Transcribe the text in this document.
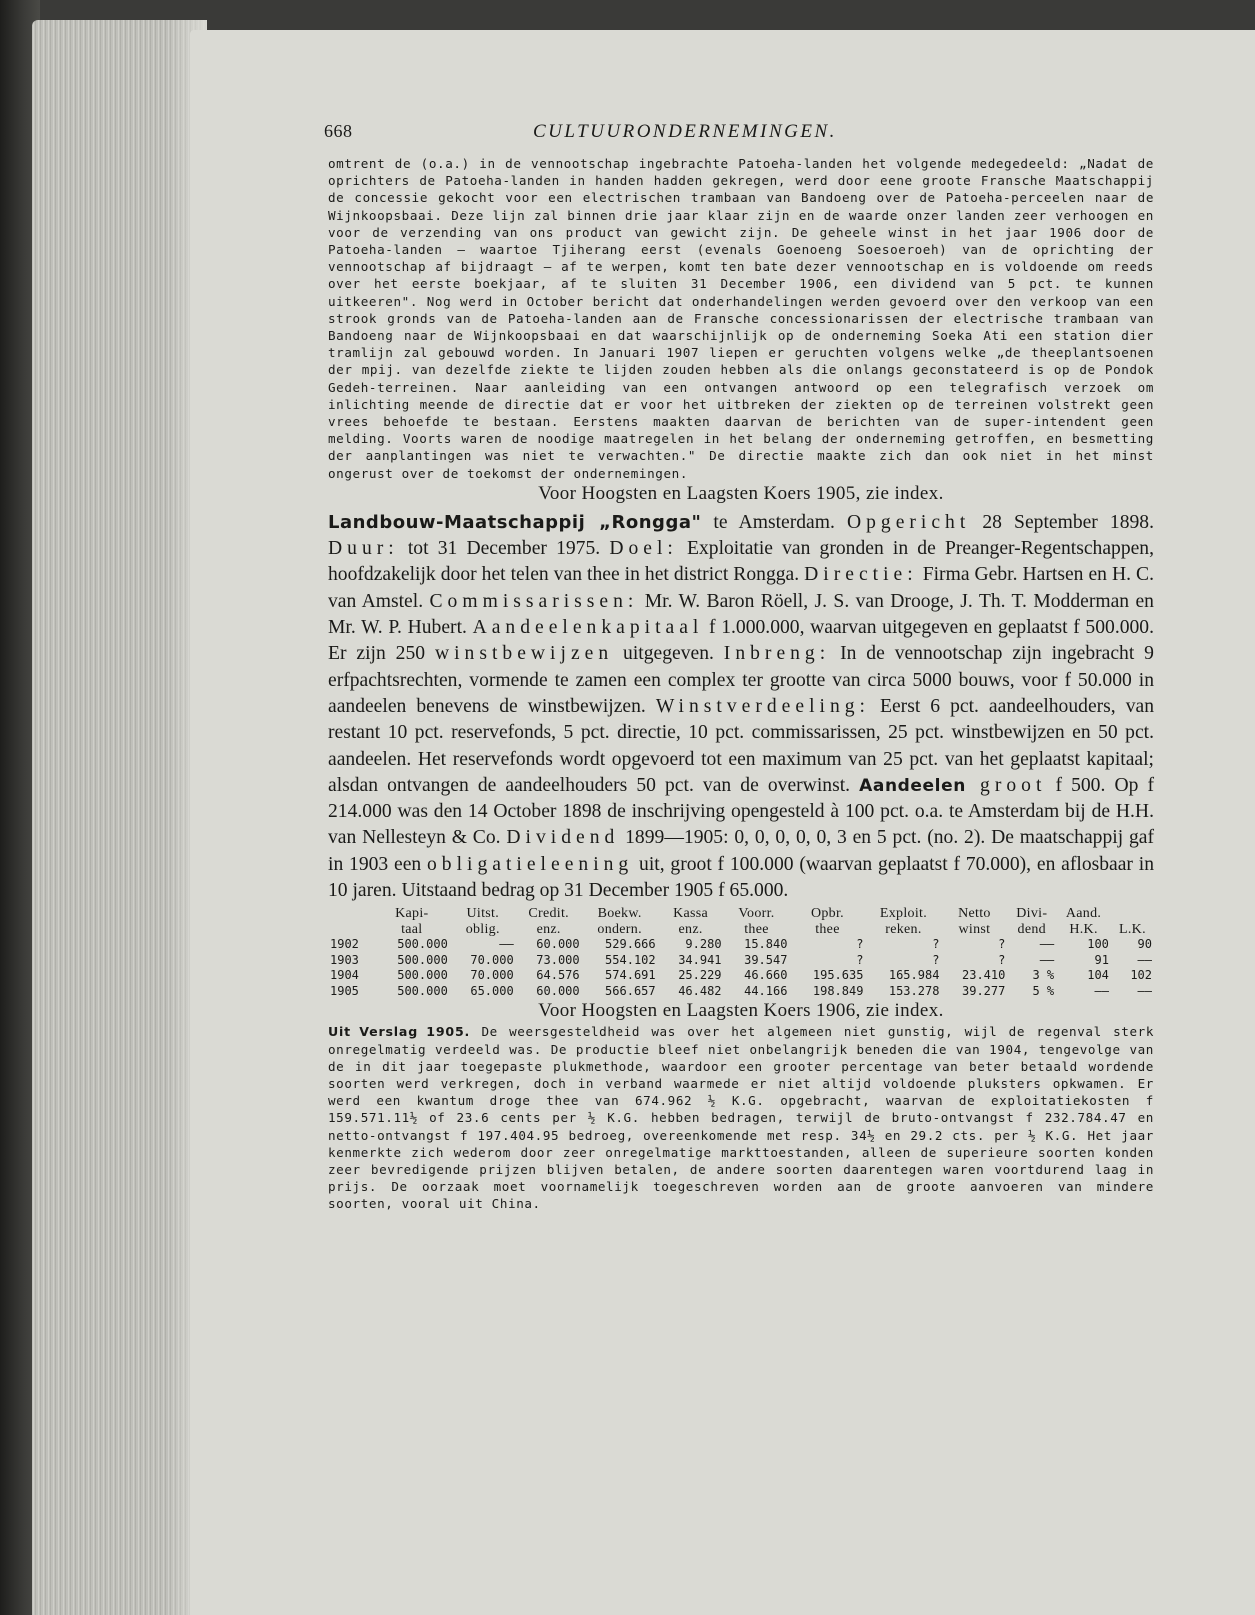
668	CULTUURONDERNEMINGEN.

omtrent de (o.a.) in de vennootschap ingebrachte Patoeha-landen het volgende medegedeeld: „Nadat de oprichters de Patoeha-landen in handen hadden gekregen, werd door eene groote Fransche Maatschappij de concessie gekocht voor een electrischen trambaan van Bandoeng over de Patoeha-perceelen naar de Wijnkoopsbaai. Deze lijn zal binnen drie jaar klaar zijn en de waarde onzer landen zeer verhoogen en voor de verzending van ons product van gewicht zijn. De geheele winst in het jaar 1906 door de Patoeha-landen — waartoe Tjiherang eerst (evenals Goenoeng Soesoeroeh) van de oprichting der vennootschap af bijdraagt — af te werpen, komt ten bate dezer vennootschap en is voldoende om reeds over het eerste boekjaar, af te sluiten 31 December 1906, een dividend van 5 pct. te kunnen uitkeeren". Nog werd in October bericht dat onderhandelingen werden gevoerd over den verkoop van een strook gronds van de Patoeha-landen aan de Fransche concessionarissen der electrische trambaan van Bandoeng naar de Wijnkoopsbaai en dat waarschijnlijk op de onderneming Soeka Ati een station dier tramlijn zal gebouwd worden. In Januari 1907 liepen er geruchten volgens welke „de theeplantsoenen der mpij. van dezelfde ziekte te lijden zouden hebben als die onlangs geconstateerd is op de Pondok Gedeh-terreinen. Naar aanleiding van een ontvangen antwoord op een telegrafisch verzoek om inlichting meende de directie dat er voor het uitbreken der ziekten op de terreinen volstrekt geen vrees behoefde te bestaan. Eerstens maakten daarvan de berichten van de super-intendent geen melding. Voorts waren de noodige maatregelen in het belang der onderneming getroffen, en besmetting der aanplantingen was niet te verwachten." De directie maakte zich dan ook niet in het minst ongerust over de toekomst der ondernemingen.

Voor Hoogsten en Laagsten Koers 1905, zie index.

Landbouw-Maatschappij „Rongga" te Amsterdam. Opgericht 28 September 1898. Duur: tot 31 December 1975. Doel: Exploitatie van gronden in de Preanger-Regentschappen, hoofdzakelijk door het telen van thee in het district Rongga. Directie: Firma Gebr. Hartsen en H. C. van Amstel. Commissarissen: Mr. W. Baron Röell, J. S. van Drooge, J. Th. T. Modderman en Mr. W. P. Hubert. Aandeelenkapitaal f 1.000.000, waarvan uitgegeven en geplaatst f 500.000. Er zijn 250 winstbewijzen uitgegeven. Inbreng: In de vennootschap zijn ingebracht 9 erfpachtsrechten, vormende te zamen een complex ter grootte van circa 5000 bouws, voor f 50.000 in aandeelen benevens de winstbewijzen. Winstverdeeling: Eerst 6 pct. aandeelhouders, van restant 10 pct. reservefonds, 5 pct. directie, 10 pct. commissarissen, 25 pct. winstbewijzen en 50 pct. aandeelen. Het reservefonds wordt opgevoerd tot een maximum van 25 pct. van het geplaatst kapitaal; alsdan ontvangen de aandeelhouders 50 pct. van de overwinst. Aandeelen groot f 500. Op f 214.000 was den 14 October 1898 de inschrijving opengesteld à 100 pct. o.a. te Amsterdam bij de H.H. van Nellesteyn & Co. Dividend 1899—1905: 0, 0, 0, 0, 0, 3 en 5 pct. (no. 2). De maatschappij gaf in 1903 een obligatieleening uit, groot f 100.000 (waarvan geplaatst f 70.000), en aflosbaar in 10 jaren. Uitstaand bedrag op 31 December 1905 f 65.000.

	Kapi-	Uitst.	Credit.	Boekw.	Kassa	Voorr.	Opbr.	Exploit.	Netto	Divi-	Aand.	
	taal	oblig.	enz.	ondern.	enz.	thee	thee	reken.	winst	dend	H.K.	L.K.
1902	500.000	——	60.000	529.666	9.280	15.840	?	?	?	——	100	90
1903	500.000	70.000	73.000	554.102	34.941	39.547	?	?	?	——	91	——
1904	500.000	70.000	64.576	574.691	25.229	46.660	195.635	165.984	23.410	3 %	104	102
1905	500.000	65.000	60.000	566.657	46.482	44.166	198.849	153.278	39.277	5 %	——	——

Voor Hoogsten en Laagsten Koers 1906, zie index.

Uit Verslag 1905. De weersgesteldheid was over het algemeen niet gunstig, wijl de regenval sterk onregelmatig verdeeld was. De productie bleef niet onbelangrijk beneden die van 1904, tengevolge van de in dit jaar toegepaste plukmethode, waardoor een grooter percentage van beter betaald wordende soorten werd verkregen, doch in verband waarmede er niet altijd voldoende pluksters opkwamen. Er werd een kwantum droge thee van 674.962 ½ K.G. opgebracht, waarvan de exploitatiekosten f 159.571.11½ of 23.6 cents per ½ K.G. hebben bedragen, terwijl de bruto-ontvangst f 232.784.47 en netto-ontvangst f 197.404.95 bedroeg, overeenkomende met resp. 34½ en 29.2 cts. per ½ K.G. Het jaar kenmerkte zich wederom door zeer onregelmatige markttoestanden, alleen de superieure soorten konden zeer bevredigende prijzen blijven betalen, de andere soorten daarentegen waren voortdurend laag in prijs. De oorzaak moet voornamelijk toegeschreven worden aan de groote aanvoeren van mindere soorten, vooral uit China.
